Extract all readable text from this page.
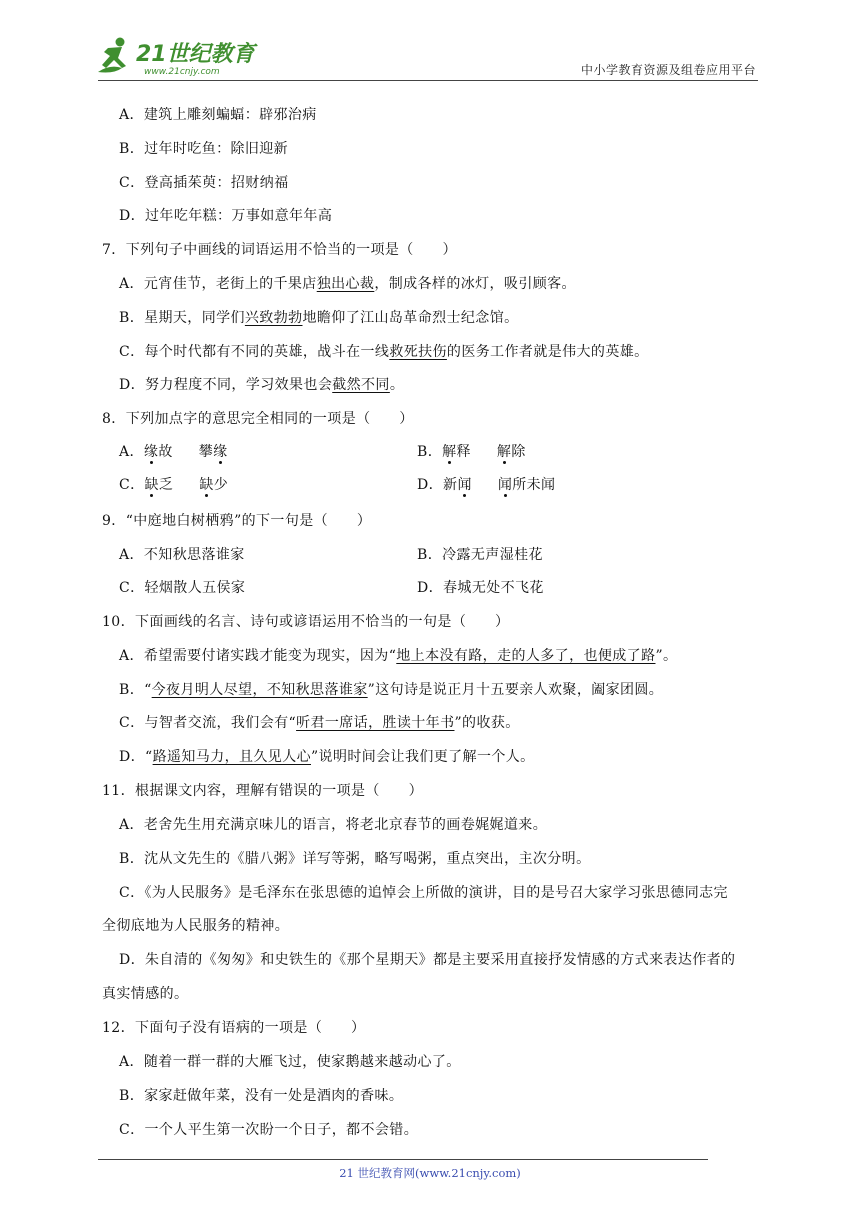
21世纪教育
www.21cnjy.com	中小学教育资源及组卷应用平台
A．建筑上雕刻蝙蝠：辟邪治病
B．过年时吃鱼：除旧迎新
C．登高插茱萸：招财纳福
D．过年吃年糕：万事如意年年高
7．下列句子中画线的词语运用不恰当的一项是（　　）
A．元宵佳节，老街上的千果店独出心裁，制成各样的冰灯，吸引顾客。
B．星期天，同学们兴致勃勃地瞻仰了江山岛革命烈士纪念馆。
C．每个时代都有不同的英雄，战斗在一线救死扶伤的医务工作者就是伟大的英雄。
D．努力程度不同，学习效果也会截然不同。
8．下列加点字的意思完全相同的一项是（　　）
A．缘故 攀缘	B．解释 解除
C．缺乏 缺少	D．新闻 闻所未闻
9．“中庭地白树栖鸦”的下一句是（　　）
A．不知秋思落谁家	B．冷露无声湿桂花
C．轻烟散人五侯家	D．春城无处不飞花
10．下面画线的名言、诗句或谚语运用不恰当的一句是（　　）
A．希望需要付诸实践才能变为现实，因为“地上本没有路，走的人多了，也便成了路”。
B．“今夜月明人尽望，不知秋思落谁家”这句诗是说正月十五要亲人欢聚，阖家团圆。
C．与智者交流，我们会有“听君一席话，胜读十年书”的收获。
D．“路遥知马力，且久见人心”说明时间会让我们更了解一个人。
11．根据课文内容，理解有错误的一项是（　　）
A．老舍先生用充满京味儿的语言，将老北京春节的画卷娓娓道来。
B．沈从文先生的《腊八粥》详写等粥，略写喝粥，重点突出，主次分明。
C．《为人民服务》是毛泽东在张思德的追悼会上所做的演讲，目的是号召大家学习张思德同志完
全彻底地为人民服务的精神。
D．朱自清的《匆匆》和史铁生的《那个星期天》都是主要采用直接抒发情感的方式来表达作者的
真实情感的。
12．下面句子没有语病的一项是（　　）
A．随着一群一群的大雁飞过，使家鹅越来越动心了。
B．家家赶做年菜，没有一处是酒肉的香味。
C．一个人平生第一次盼一个日子，都不会错。
21 世纪教育网(www.21cnjy.com)
